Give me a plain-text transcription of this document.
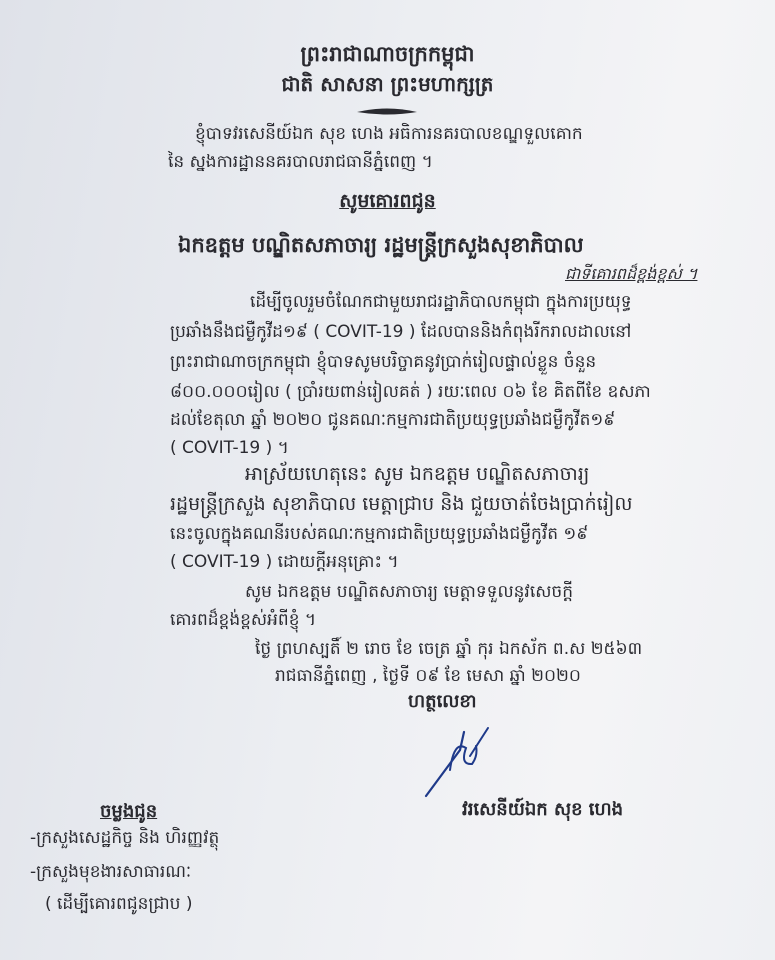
ព្រះរាជាណាចក្រកម្ពុជា
ជាតិ សាសនា ព្រះមហាក្សត្រ
ខ្ញុំបាទវរសេនីយ៍ឯក សុខ ហេង អធិការនគរបាលខណ្ឌទួលគោក
នៃ ស្នងការដ្ឋាននគរបាលរាជធានីភ្នំពេញ ។
សូមគោរពជូន
ឯកឧត្តម បណ្ឌិតសភាចារ្យ រដ្ឋមន្ត្រីក្រសួងសុខាភិបាល
ជាទីគោរពដ៏ខ្ពង់ខ្ពស់ ។
ដើម្បីចូលរួមចំណែកជាមួយរាជរដ្ឋាភិបាលកម្ពុជា ក្នុងការប្រយុទ្ធ
ប្រឆាំងនឹងជម្ងឺកូវីដ១៩ ( COVIT-19 ) ដែលបាននិងកំពុងរីករាលដាលនៅ
ព្រះរាជាណាចក្រកម្ពុជា ខ្ញុំបាទសូមបរិច្ចាគនូវប្រាក់រៀលផ្ទាល់ខ្លួន ចំនួន
៨០០.០០០រៀល ( ប្រាំរយពាន់រៀលគត់ ) រយៈពេល ០៦ ខែ គិតពីខែ ឧសភា
ដល់ខែតុលា ឆ្នាំ ២០២០ ជូនគណៈកម្មការជាតិប្រយុទ្ធប្រឆាំងជម្ងឺកូវីត១៩
( COVIT-19 ) ។
អាស្រ័យហេតុនេះ សូម ឯកឧត្តម បណ្ឌិតសភាចារ្យ
រដ្ឋមន្ត្រីក្រសួង សុខាភិបាល មេត្តាជ្រាប និង ជួយចាត់ចែងប្រាក់រៀល
នេះចូលក្នុងគណនីរបស់គណៈកម្មការជាតិប្រយុទ្ធប្រឆាំងជម្ងឺកូវីត ១៩
( COVIT-19 ) ដោយក្តីអនុគ្រោះ ។
សូម ឯកឧត្តម បណ្ឌិតសភាចារ្យ មេត្តាទទួលនូវសេចក្តី
គោរពដ៏ខ្ពង់ខ្ពស់អំពីខ្ញុំ ។
ថ្ងៃ ព្រហស្បតិ៍ ២ រោច ខែ ចេត្រ ឆ្នាំ កុរ ឯកស័ក ព.ស ២៥៦៣
រាជធានីភ្នំពេញ , ថ្ងៃទី ០៩ ខែ មេសា ឆ្នាំ ២០២០
ហត្ថលេខា
វរសេនីយ៍ឯក សុខ ហេង
ចម្លងជូន
-ក្រសួងសេដ្ឋកិច្ច និង ហិរញ្ញវត្ថុ
-ក្រសួងមុខងារសាធារណៈ
( ដើម្បីគោរពជូនជ្រាប )
